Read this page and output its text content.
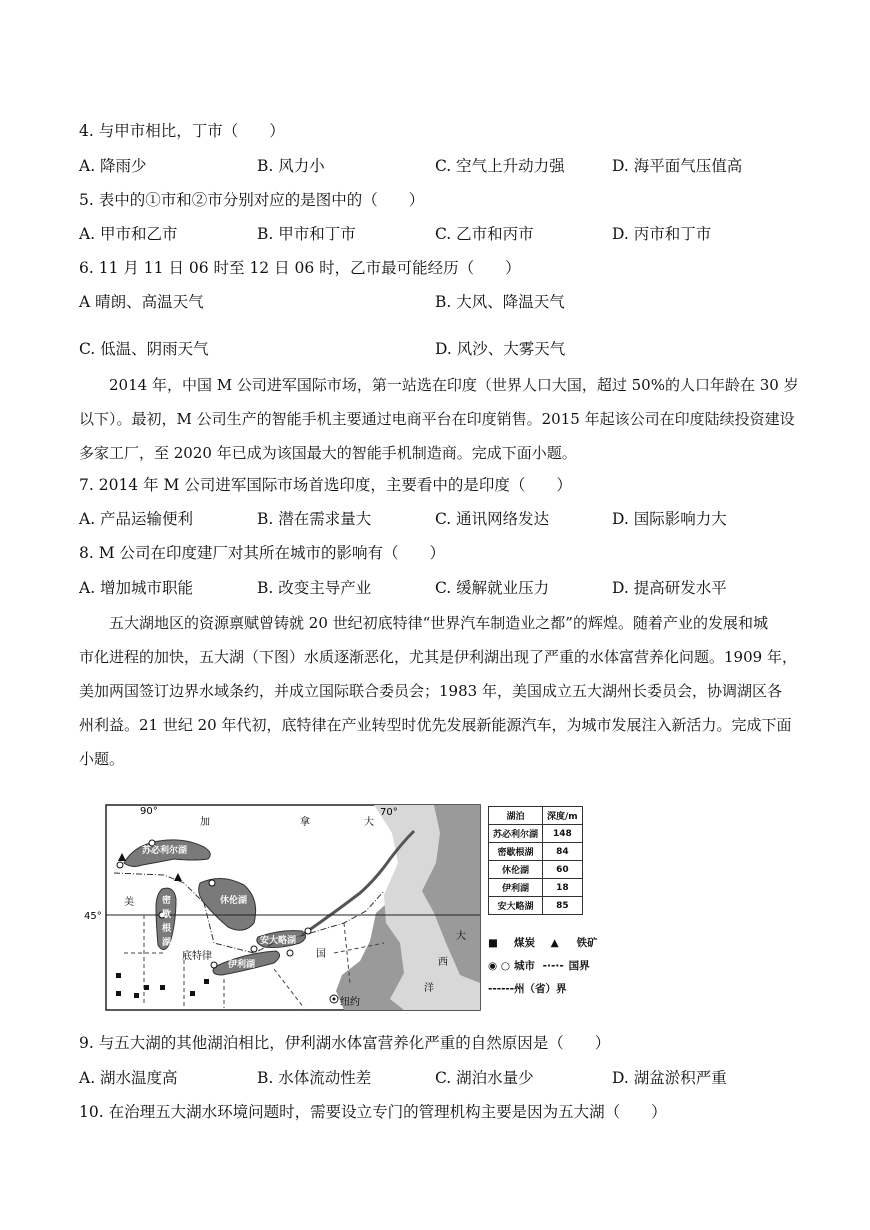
4. 与甲市相比，丁市（　　）
A. 降雨少	B. 风力小	C. 空气上升动力强	D. 海平面气压值高
5. 表中的①市和②市分别对应的是图中的（　　）
A. 甲市和乙市	B. 甲市和丁市	C. 乙市和丙市	D. 丙市和丁市
6. 11 月 11 日 06 时至 12 日 06 时，乙市最可能经历（　　）
A 晴朗、高温天气	B. 大风、降温天气
C. 低温、阴雨天气	D. 风沙、大雾天气
2014 年，中国 M 公司进军国际市场，第一站选在印度（世界人口大国，超过 50%的人口年龄在 30 岁
以下）。最初，M 公司生产的智能手机主要通过电商平台在印度销售。2015 年起该公司在印度陆续投资建设
多家工厂，至 2020 年已成为该国最大的智能手机制造商。完成下面小题。
7. 2014 年 M 公司进军国际市场首选印度，主要看中的是印度（　　）
A. 产品运输便利	B. 潜在需求量大	C. 通讯网络发达	D. 国际影响力大
8. M 公司在印度建厂对其所在城市的影响有（　　）
A. 增加城市职能	B. 改变主导产业	C. 缓解就业压力	D. 提高研发水平
五大湖地区的资源禀赋曾铸就 20 世纪初底特律“世界汽车制造业之都”的辉煌。随着产业的发展和城
市化进程的加快，五大湖（下图）水质逐渐恶化，尤其是伊利湖出现了严重的水体富营养化问题。1909 年，
美加两国签订边界水域条约，并成立国际联合委员会；1983 年，美国成立五大湖州长委员会，协调湖区各
州利益。21 世纪 20 年代初，底特律在产业转型时优先发展新能源汽车，为城市发展注入新活力。完成下面
小题。
90°	70°
45°
加	拿	大
美
国
苏必利尔湖
密
歇
根
湖
休伦湖
伊利湖
安大略湖
底特律
纽约
大
西
洋
湖泊	深度/m
苏必利尔湖	148
密歇根湖	84
休伦湖	60
伊利湖	18
安大略湖	85
■ 煤炭 ▲ 铁矿
◉ ○ 城市 -·-·- 国界
------州（省）界
9. 与五大湖的其他湖泊相比，伊利湖水体富营养化严重的自然原因是（　　）
A. 湖水温度高	B. 水体流动性差	C. 湖泊水量少	D. 湖盆淤积严重
10. 在治理五大湖水环境问题时，需要设立专门的管理机构主要是因为五大湖（　　）
